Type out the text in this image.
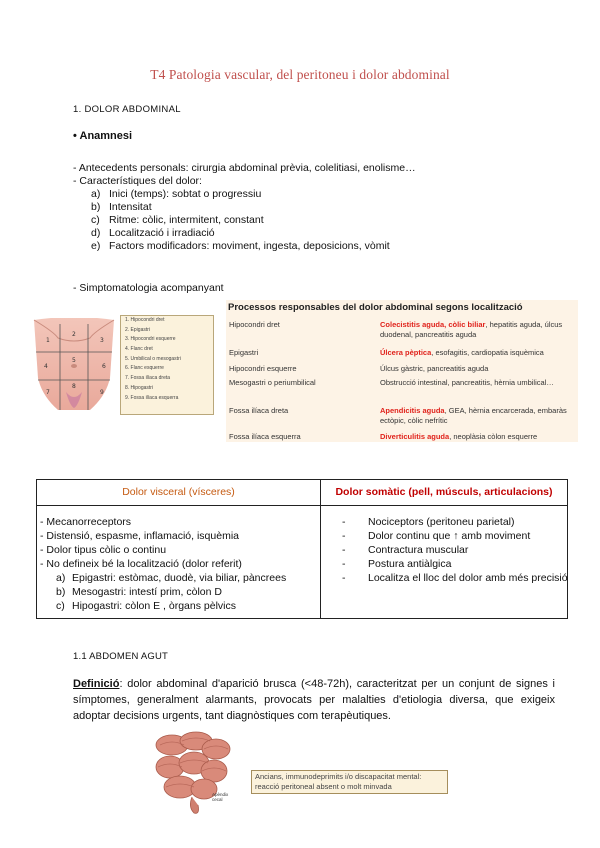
T4 Patologia vascular, del peritoneu i dolor abdominal
1. DOLOR ABDOMINAL
• Anamnesi
- Antecedents personals: cirurgia abdominal prèvia, colelitiasi, enolisme…
- Característiques del dolor:
a) Inici (temps): sobtat o progressiu
b) Intensitat
c) Ritme: còlic, intermitent, constant
d) Localització i irradiació
e) Factors modificadors: moviment, ingesta, deposicions, vòmit
- Simptomatologia acompanyant
1
2
3
4
5
6
7
8
9
1. Hipocondri dret
2. Epigastri
3. Hipocondri esquerre
4. Flanc dret
5. Umbilical o mesogastri
6. Flanc esquerre
7. Fossa ilíaca dreta
8. Hipogastri
9. Fossa ilíaca esquerra
Processos responsables del dolor abdominal segons localització
Hipocondri dret	Colecistitis aguda, còlic biliar, hepatitis aguda, úlcus duodenal, pancreatitis aguda
Epigastri	Úlcera pèptica, esofagitis, cardiopatia isquèmica
Hipocondri esquerre	Úlcus gàstric, pancreatitis aguda
Mesogastri o periumbilical	Obstrucció intestinal, pancreatitis, hèrnia umbilical…
Fossa ilíaca dreta	Apendicitis aguda, GEA, hèrnia encarcerada, embaràs ectòpic, còlic nefrític
Fossa ilíaca esquerra	Diverticulitis aguda, neoplàsia còlon esquerre
Dolor visceral (vísceres)	Dolor somàtic (pell, músculs, articulacions)
- Mecanorreceptors
- Distensió, espasme, inflamació, isquèmia
- Dolor tipus còlic o continu
- No defineix bé la localització (dolor referit)
a) Epigastri: estòmac, duodè, via biliar, pàncrees
b) Mesogastri: intestí prim, còlon D
c) Hipogastri: còlon E , òrgans pèlvics
- Nociceptors (peritoneu parietal)
- Dolor continu que ↑ amb moviment
- Contractura muscular
- Postura antiàlgica
- Localitza el lloc del dolor amb més precisió
1.1 ABDOMEN AGUT
Definició: dolor abdominal d'aparició brusca (<48-72h), caracteritzat per un conjunt de signes i símptomes, generalment alarmants, provocats per malalties d'etiologia diversa, que exigeix adoptar decisions urgents, tant diagnòstiques com terapèutiques.
Apèndix
cecal
Ancians, immunodeprimits i/o discapacitat mental: reacció peritoneal absent o molt minvada
